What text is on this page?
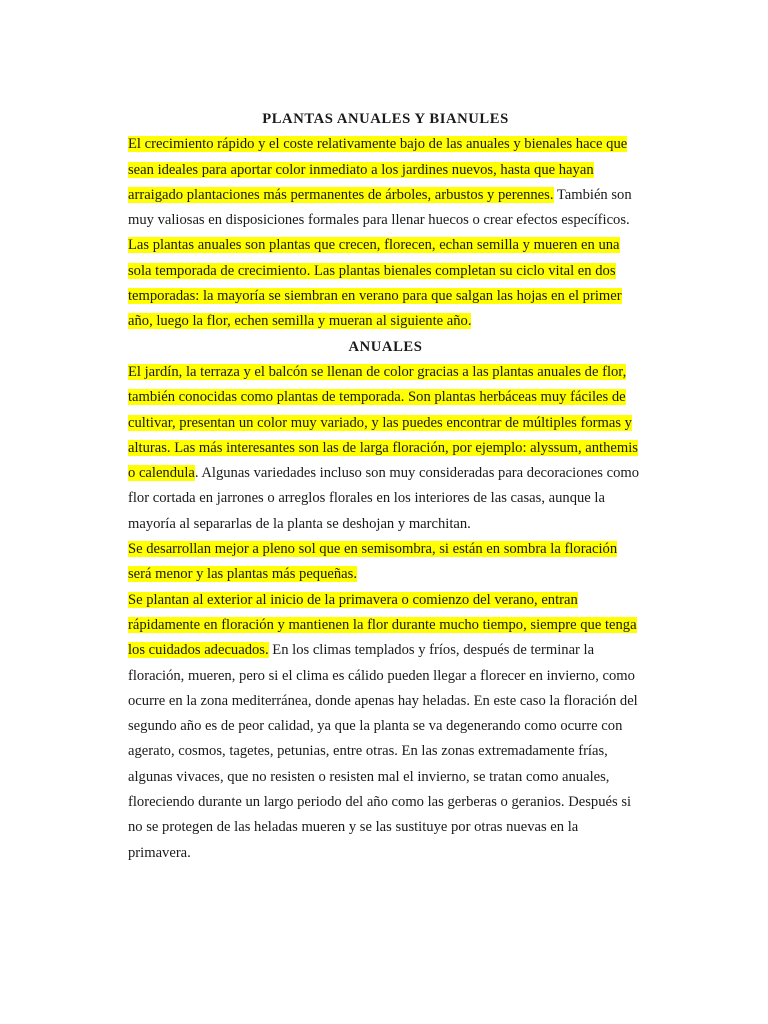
PLANTAS ANUALES Y BIANULES

El crecimiento rápido y el coste relativamente bajo de las anuales y bienales hace que sean ideales para aportar color inmediato a los jardines nuevos, hasta que hayan arraigado plantaciones más permanentes de árboles, arbustos y perennes. También son muy valiosas en disposiciones formales para llenar huecos o crear efectos específicos. Las plantas anuales son plantas que crecen, florecen, echan semilla y mueren en una sola temporada de crecimiento. Las plantas bienales completan su ciclo vital en dos temporadas: la mayoría se siembran en verano para que salgan las hojas en el primer año, luego la flor, echen semilla y mueran al siguiente año.

ANUALES

El jardín, la terraza y el balcón se llenan de color gracias a las plantas anuales de flor, también conocidas como plantas de temporada. Son plantas herbáceas muy fáciles de cultivar, presentan un color muy variado, y las puedes encontrar de múltiples formas y alturas. Las más interesantes son las de larga floración, por ejemplo: alyssum, anthemis o calendula. Algunas variedades incluso son muy consideradas para decoraciones como flor cortada en jarrones o arreglos florales en los interiores de las casas, aunque la mayoría al separarlas de la planta se deshojan y marchitan.

Se desarrollan mejor a pleno sol que en semisombra, si están en sombra la floración será menor y las plantas más pequeñas.

Se plantan al exterior al inicio de la primavera o comienzo del verano, entran rápidamente en floración y mantienen la flor durante mucho tiempo, siempre que tenga los cuidados adecuados. En los climas templados y fríos, después de terminar la floración, mueren, pero si el clima es cálido pueden llegar a florecer en invierno, como ocurre en la zona mediterránea, donde apenas hay heladas. En este caso la floración del segundo año es de peor calidad, ya que la planta se va degenerando como ocurre con agerato, cosmos, tagetes, petunias, entre otras. En las zonas extremadamente frías, algunas vivaces, que no resisten o resisten mal el invierno, se tratan como anuales, floreciendo durante un largo periodo del año como las gerberas o geranios. Después si no se protegen de las heladas mueren y se las sustituye por otras nuevas en la primavera.
